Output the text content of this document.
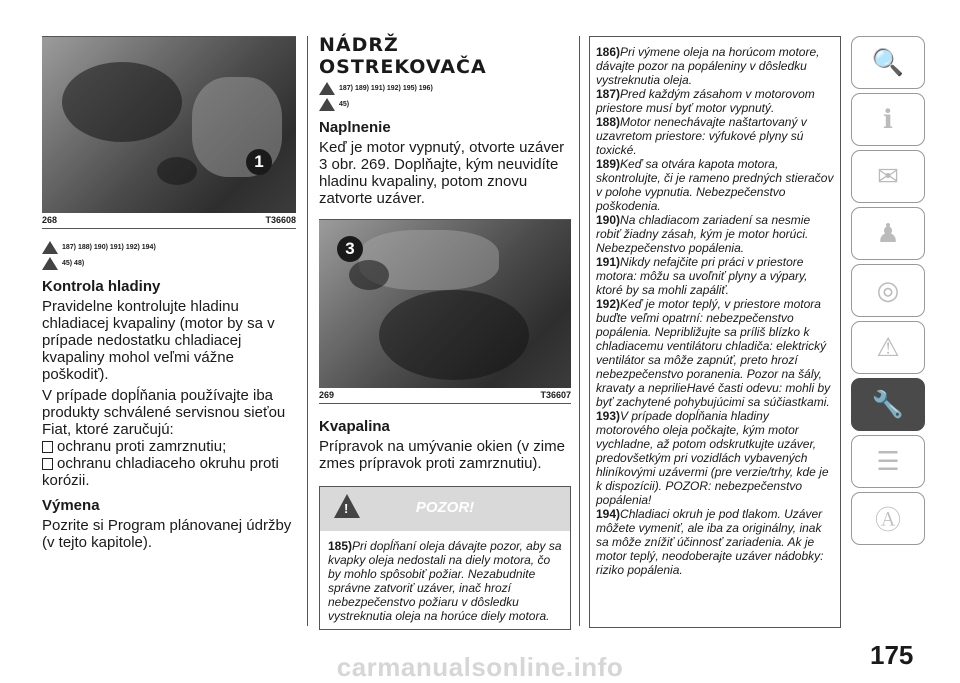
1
268	T36608
187) 188) 190) 191) 192) 194)
45) 48)
Kontrola hladiny

Pravidelne kontrolujte hladinu chladiacej kvapaliny (motor by sa v prípade nedostatku chladiacej kvapaliny mohol veľmi vážne poškodiť).

V prípade dopĺňania používajte iba produkty schválené servisnou sieťou Fiat, ktoré zaručujú:

ochranu proti zamrznutiu;
ochranu chladiaceho okruhu proti

korózii.

Výmena

Pozrite si Program plánovanej údržby (v tejto kapitole).

NÁDRŽ OSTREKOVAČA
187) 189) 191) 192) 195) 196)
45)
Naplnenie

Keď je motor vypnutý, otvorte uzáver 3 obr. 269. Doplňajte, kým neuvidíte hladinu kvapaliny, potom znovu zatvorte uzáver.

3
269	T36607
Kvapalina

Prípravok na umývanie okien (v zime zmes prípravok proti zamrznutiu).

!	POZOR!

185)Pri dopĺňaní oleja dávajte pozor, aby sa kvapky oleja nedostali na diely motora, čo by mohlo spôsobiť požiar. Nezabudnite správne zatvoriť uzáver, inač hrozí nebezpečenstvo požiaru v dôsledku vystreknutia oleja na horúce diely motora.

186)Pri výmene oleja na horúcom motore, dávajte pozor na popáleniny v dôsledku vystreknutia oleja.

187)Pred každým zásahom v motorovom priestore musí byť motor vypnutý.

188)Motor nenechávajte naštartovaný v uzavretom priestore: výfukové plyny sú toxické.

189)Keď sa otvára kapota motora, skontrolujte, či je rameno predných stieračov v polohe vypnutia. Nebezpečenstvo poškodenia.

190)Na chladiacom zariadení sa nesmie robiť žiadny zásah, kým je motor horúci. Nebezpečenstvo popálenia.

191)Nikdy nefajčite pri práci v priestore motora: môžu sa uvoľniť plyny a výpary, ktoré by sa mohli zapáliť.

192)Keď je motor teplý, v priestore motora buďte veľmi opatrní: nebezpečenstvo popálenia. Nepribližujte sa príliš blízko k chladiacemu ventilátoru chladiča: elektrický ventilátor sa môže zapnúť, preto hrozí nebezpečenstvo poranenia. Pozor na šály, kravaty a neprilieHavé časti odevu: mohli by byť zachytené pohybujúcimi sa súčiastkami.

193)V prípade dopĺňania hladiny motorového oleja počkajte, kým motor vychladne, až potom odskrutkujte uzáver, predovšetkým pri vozidlách vybavených hliníkovými uzávermi (pre verzie/trhy, kde je k dispozícii). POZOR: nebezpečenstvo popálenia!

194)Chladiaci okruh je pod tlakom. Uzáver môžete vymeniť, ale iba za originálny, inak sa môže znížiť účinnosť zariadenia. Ak je motor teplý, neodoberajte uzáver nádobky: riziko popálenia.

🔍
ℹ
✉
♟
◎
⚠
🔧
☰
Ⓐ
175
carmanualsonline.info
